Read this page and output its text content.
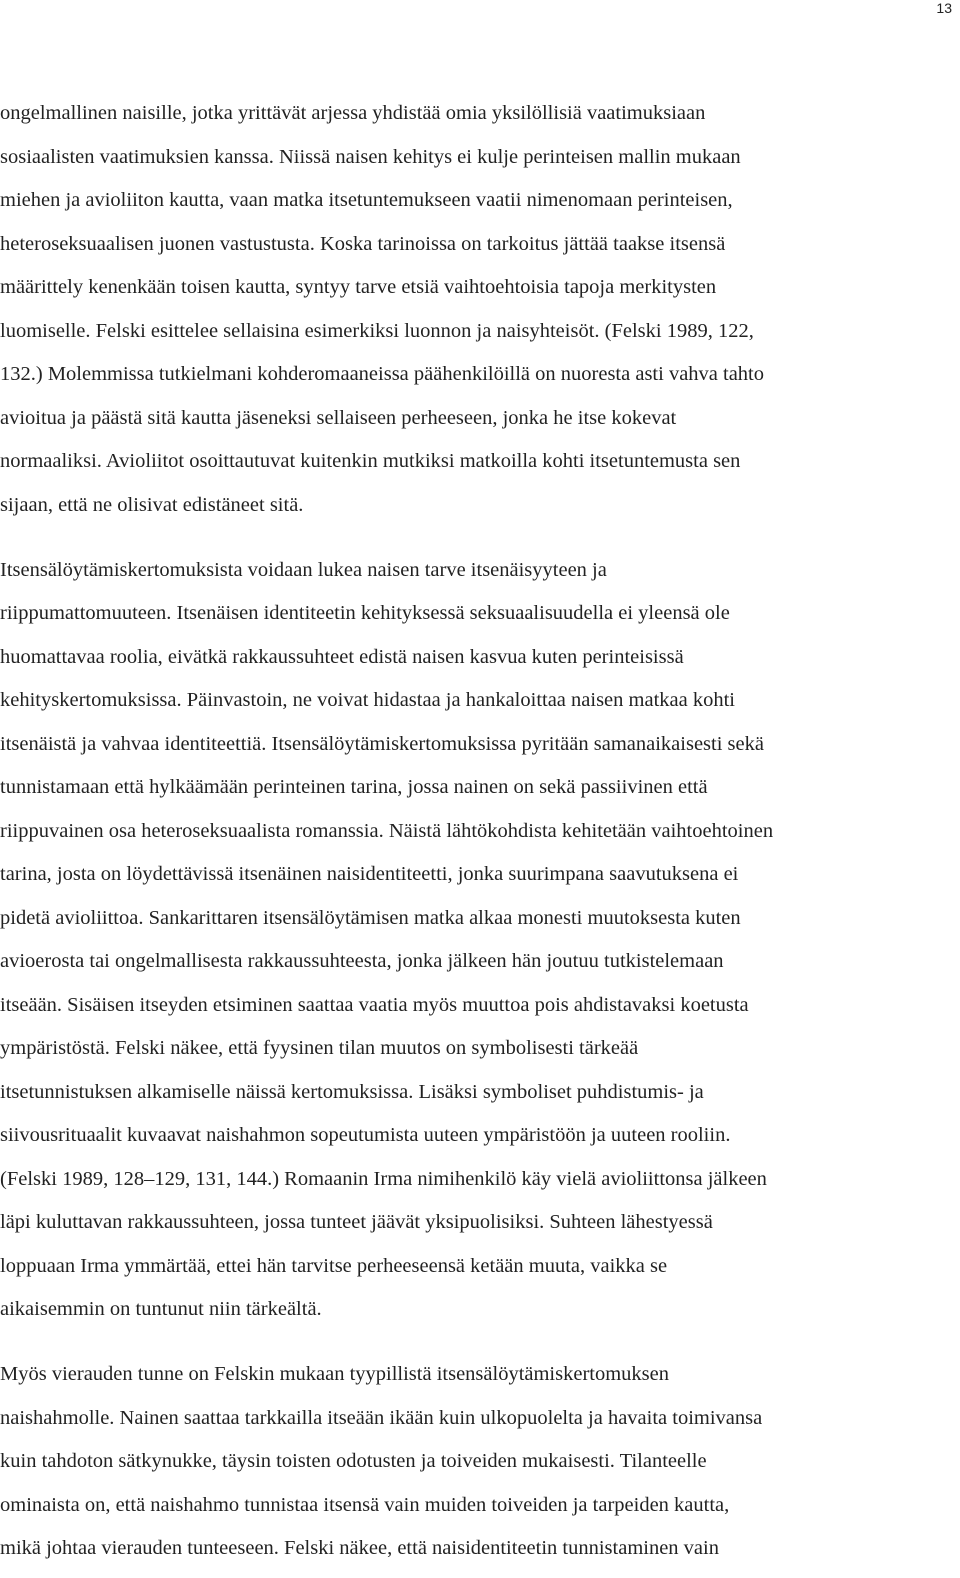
13
ongelmallinen naisille, jotka yrittävät arjessa yhdistää omia yksilöllisiä vaatimuksiaan
sosiaalisten vaatimuksien kanssa. Niissä naisen kehitys ei kulje perinteisen mallin mukaan
miehen ja avioliiton kautta, vaan matka itsetuntemukseen vaatii nimenomaan perinteisen,
heteroseksuaalisen juonen vastustusta. Koska tarinoissa on tarkoitus jättää taakse itsensä
määrittely kenenkään toisen kautta, syntyy tarve etsiä vaihtoehtoisia tapoja merkitysten
luomiselle. Felski esittelee sellaisina esimerkiksi luonnon ja naisyhteisöt. (Felski 1989, 122,
132.) Molemmissa tutkielmani kohderomaaneissa päähenkilöillä on nuoresta asti vahva tahto
avioitua ja päästä sitä kautta jäseneksi sellaiseen perheeseen, jonka he itse kokevat
normaaliksi. Avioliitot osoittautuvat kuitenkin mutkiksi matkoilla kohti itsetuntemusta sen
sijaan, että ne olisivat edistäneet sitä.
Itsensälöytämiskertomuksista voidaan lukea naisen tarve itsenäisyyteen ja
riippumattomuuteen. Itsenäisen identiteetin kehityksessä seksuaalisuudella ei yleensä ole
huomattavaa roolia, eivätkä rakkaussuhteet edistä naisen kasvua kuten perinteisissä
kehityskertomuksissa. Päinvastoin, ne voivat hidastaa ja hankaloittaa naisen matkaa kohti
itsenäistä ja vahvaa identiteettiä. Itsensälöytämiskertomuksissa pyritään samanaikaisesti sekä
tunnistamaan että hylkäämään perinteinen tarina, jossa nainen on sekä passiivinen että
riippuvainen osa heteroseksuaalista romanssia. Näistä lähtökohdista kehitetään vaihtoehtoinen
tarina, josta on löydettävissä itsenäinen naisidentiteetti, jonka suurimpana saavutuksena ei
pidetä avioliittoa. Sankarittaren itsensälöytämisen matka alkaa monesti muutoksesta kuten
avioerosta tai ongelmallisesta rakkaussuhteesta, jonka jälkeen hän joutuu tutkistelemaan
itseään. Sisäisen itseyden etsiminen saattaa vaatia myös muuttoa pois ahdistavaksi koetusta
ympäristöstä. Felski näkee, että fyysinen tilan muutos on symbolisesti tärkeää
itsetunnistuksen alkamiselle näissä kertomuksissa. Lisäksi symboliset puhdistumis- ja
siivousrituaalit kuvaavat naishahmon sopeutumista uuteen ympäristöön ja uuteen rooliin.
(Felski 1989, 128–129, 131, 144.) Romaanin Irma nimihenkilö käy vielä avioliittonsa jälkeen
läpi kuluttavan rakkaussuhteen, jossa tunteet jäävät yksipuolisiksi. Suhteen lähestyessä
loppuaan Irma ymmärtää, ettei hän tarvitse perheeseensä ketään muuta, vaikka se
aikaisemmin on tuntunut niin tärkeältä.
Myös vierauden tunne on Felskin mukaan tyypillistä itsensälöytämiskertomuksen
naishahmolle. Nainen saattaa tarkkailla itseään ikään kuin ulkopuolelta ja havaita toimivansa
kuin tahdoton sätkynukke, täysin toisten odotusten ja toiveiden mukaisesti. Tilanteelle
ominaista on, että naishahmo tunnistaa itsensä vain muiden toiveiden ja tarpeiden kautta,
mikä johtaa vierauden tunteeseen. Felski näkee, että naisidentiteetin tunnistaminen vain
